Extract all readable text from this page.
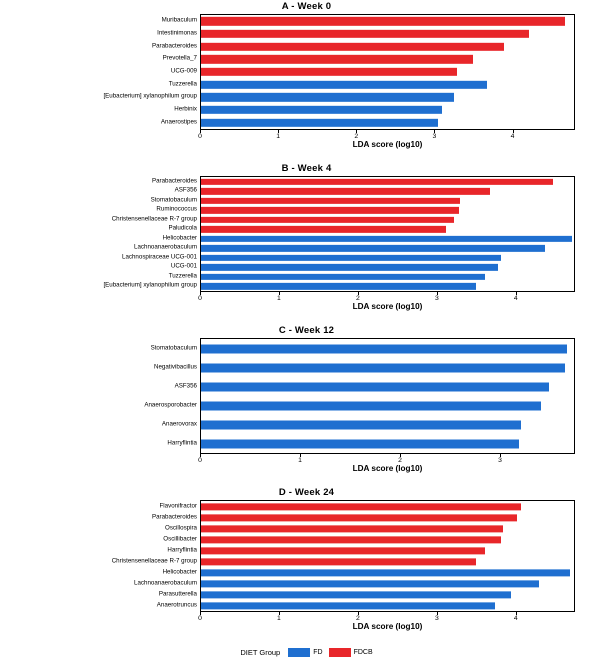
A - Week 0
Muribaculum
Intestinimonas
Parabacteroides
Prevotella_7
UCG-009
Tuzzerella
[Eubacterium] xylanophilum group
Herbinix
Anaerostipes
LDA score (log10)
0	1	2	3	4
B - Week 4
Parabacteroides
ASF356
Stomatobaculum
Ruminococcus
Christensenellaceae R-7 group
Paludicola
Helicobacter
Lachnoanaerobaculum
Lachnospiraceae UCG-001
UCG-001
Tuzzerella
[Eubacterium] xylanophilum group
LDA score (log10)
0	1	2	3	4
C - Week 12
Stomatobaculum
Negativibacillus
ASF356
Anaerosporobacter
Anaerovorax
Harryflintia
LDA score (log10)
0	1	2	3
D - Week 24
Flavonifractor
Parabacteroides
Oscillospira
Oscillibacter
Harryflintia
Christensenellaceae R-7 group
Helicobacter
Lachnoanaerobaculum
Parasutterella
Anaerotruncus
LDA score (log10)
0	1	2	3	4
DIET Group	FD	FDCB
